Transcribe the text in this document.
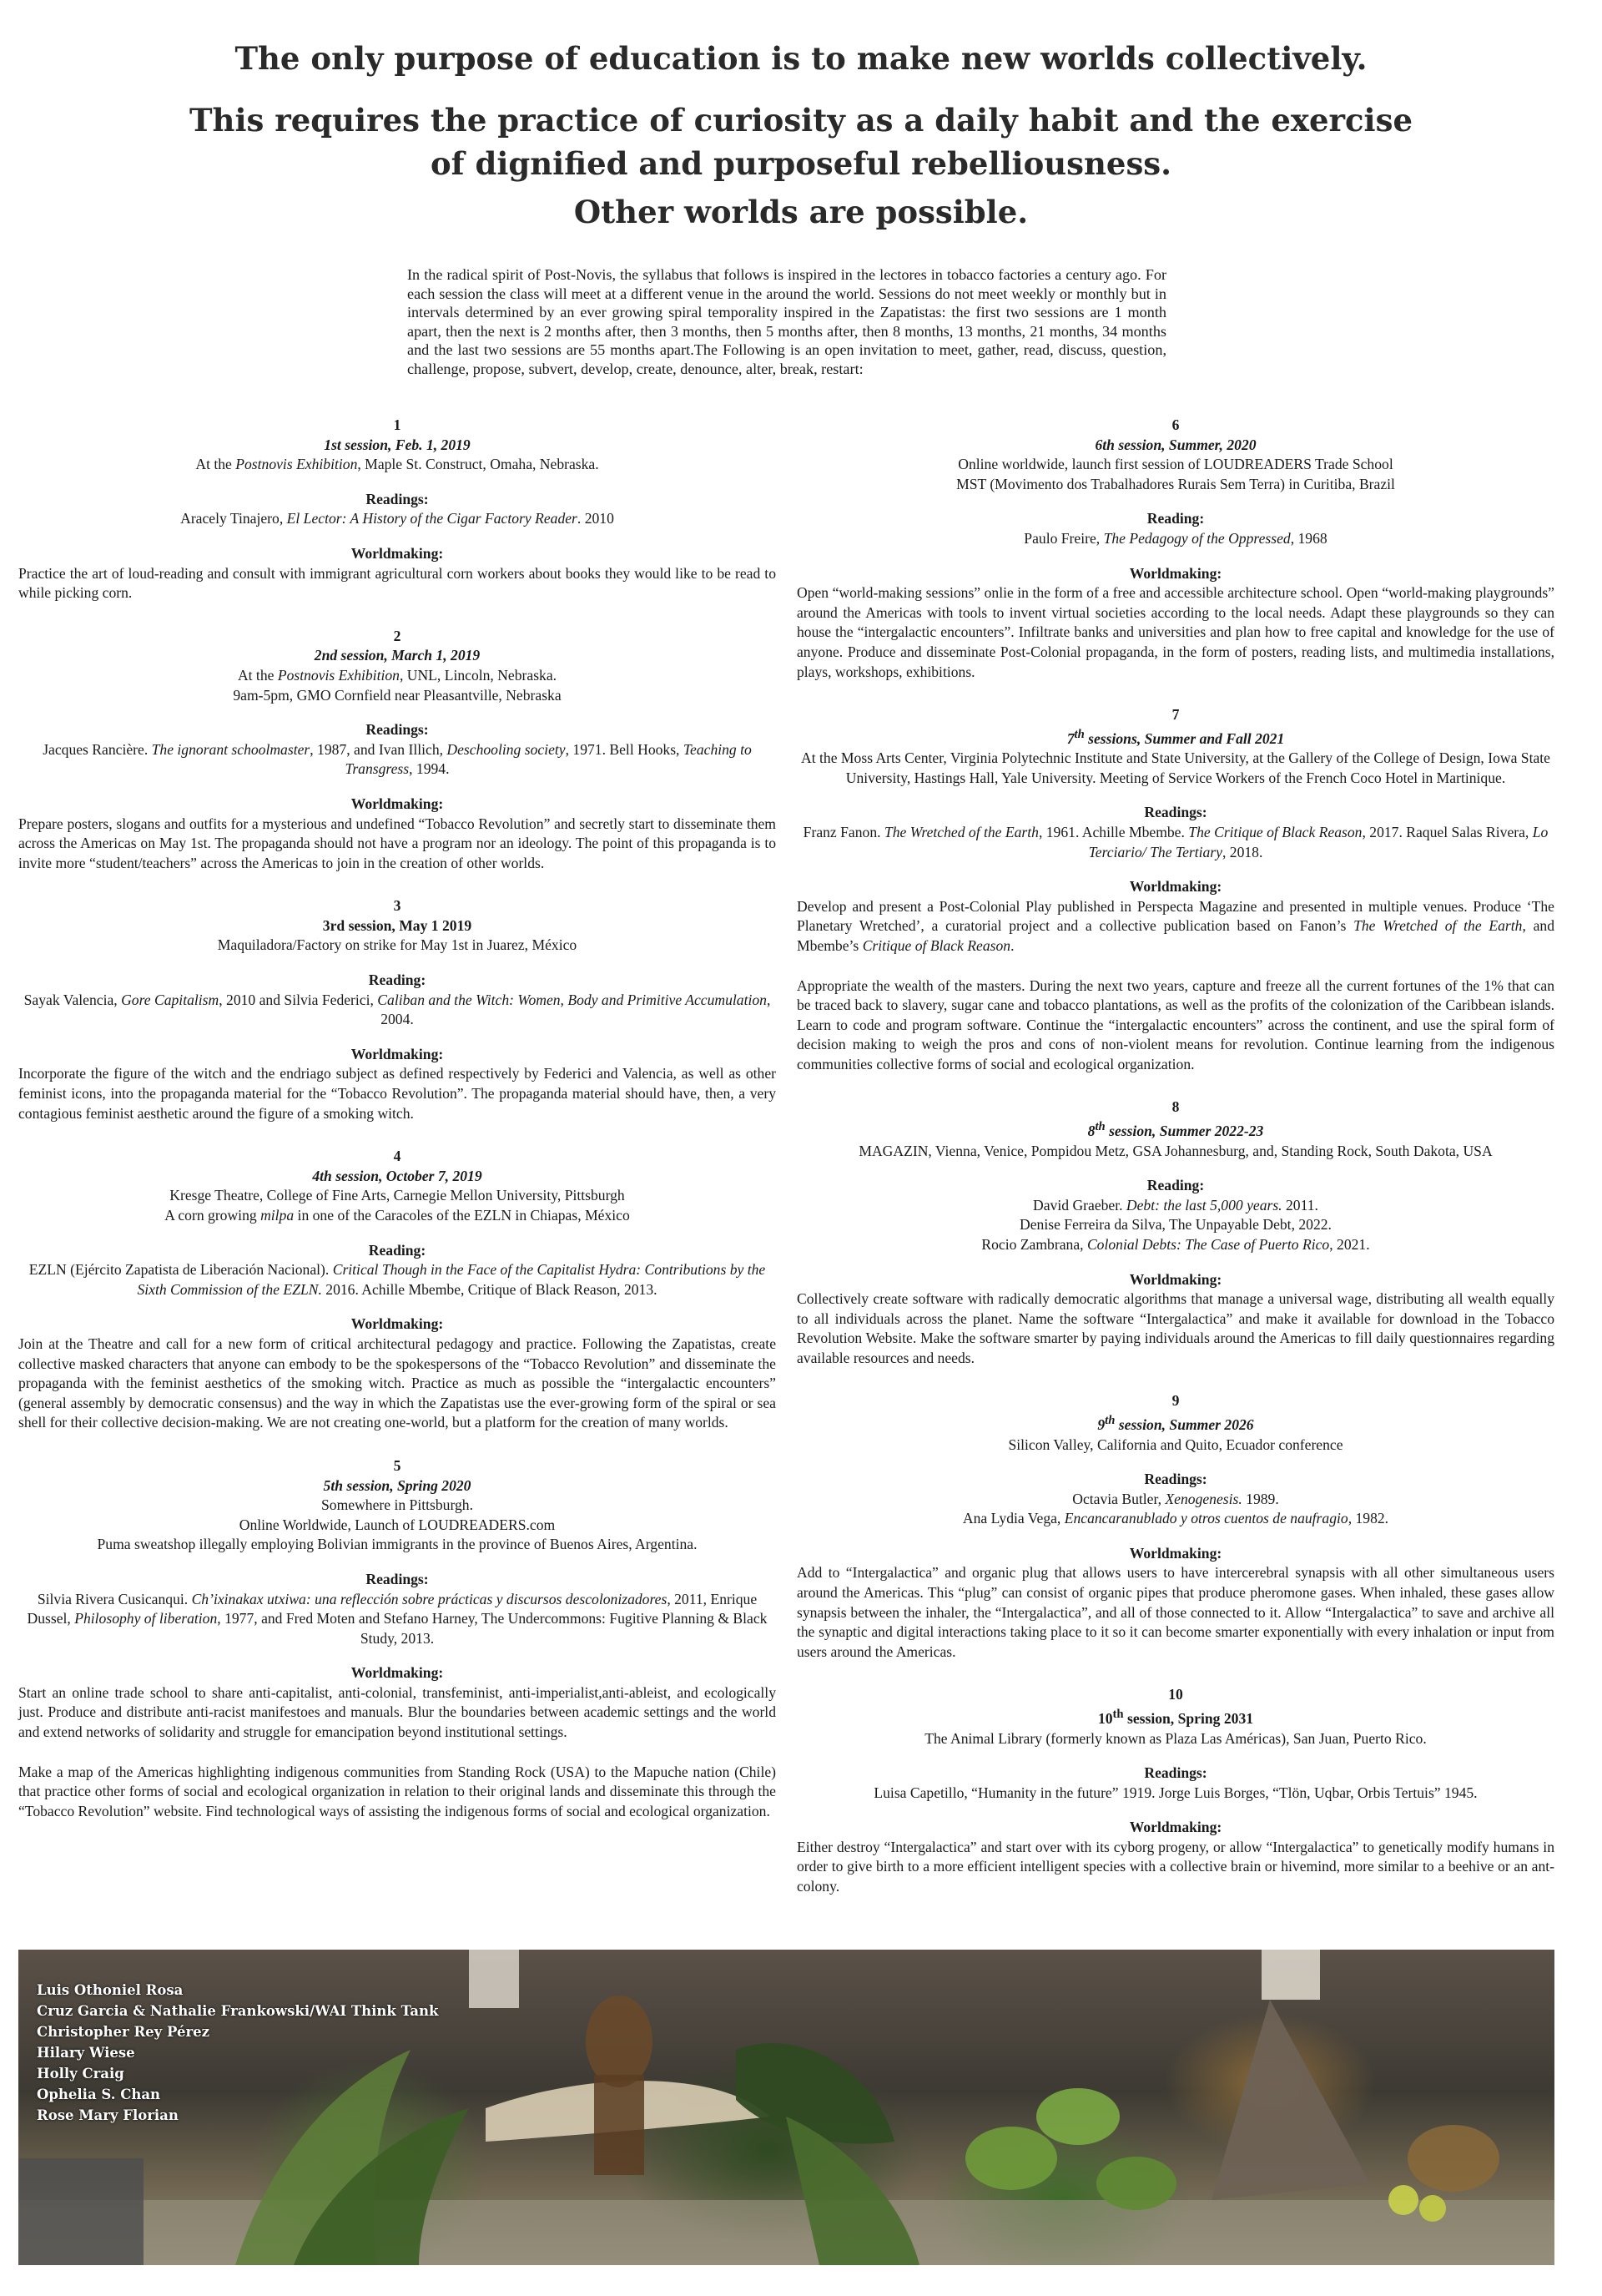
The only purpose of education is to make new worlds collectively.
This requires the practice of curiosity as a daily habit and the exercise
of dignified and purposeful rebelliousness.
Other worlds are possible.

In the radical spirit of Post-Novis, the syllabus that follows is inspired in the lectores in tobacco factories a century ago. For each session the class will meet at a different venue in the around the world. Sessions do not meet weekly or monthly but in intervals determined by an ever growing spiral temporality inspired in the Zapatistas: the first two sessions are 1 month apart, then the next is 2 months after, then 3 months, then 5 months after, then 8 months, 13 months, 21 months, 34 months and the last two sessions are 55 months apart.The Following is an open invitation to meet, gather, read, discuss, question, challenge, propose, subvert, develop, create, denounce, alter, break, restart:

1

1st session, Feb. 1, 2019

At the Postnovis Exhibition, Maple St. Construct, Omaha, Nebraska.

Readings:

Aracely Tinajero, El Lector: A History of the Cigar Factory Reader. 2010

Worldmaking:

Practice the art of loud-reading and consult with immigrant agricultural corn workers about books they would like to be read to while picking corn.

2

2nd session, March 1, 2019

At the Postnovis Exhibition, UNL, Lincoln, Nebraska.

9am-5pm, GMO Cornfield near Pleasantville, Nebraska

Readings:

Jacques Rancière. The ignorant schoolmaster, 1987, and Ivan Illich, Deschooling society, 1971. Bell Hooks, Teaching to Transgress, 1994.

Worldmaking:

Prepare posters, slogans and outfits for a mysterious and undefined “Tobacco Revolution” and secretly start to disseminate them across the Americas on May 1st. The propaganda should not have a program nor an ideology. The point of this propaganda is to invite more “student/teachers” across the Americas to join in the creation of other worlds.

3

3rd session, May 1 2019

Maquiladora/Factory on strike for May 1st in Juarez, México

Reading:

Sayak Valencia, Gore Capitalism, 2010 and Silvia Federici, Caliban and the Witch: Women, Body and Primitive Accumulation, 2004.

Worldmaking:

Incorporate the figure of the witch and the endriago subject as defined respectively by Federici and Valencia, as well as other feminist icons, into the propaganda material for the “Tobacco Revolution”. The propaganda material should have, then, a very contagious feminist aesthetic around the figure of a smoking witch.

4

4th session, October 7, 2019

Kresge Theatre, College of Fine Arts, Carnegie Mellon University, Pittsburgh

A corn growing milpa in one of the Caracoles of the EZLN in Chiapas, México

Reading:

EZLN (Ejército Zapatista de Liberación Nacional). Critical Though in the Face of the Capitalist Hydra: Contributions by the Sixth Commission of the EZLN. 2016. Achille Mbembe, Critique of Black Reason, 2013.

Worldmaking:

Join at the Theatre and call for a new form of critical architectural pedagogy and practice. Following the Zapatistas, create collective masked characters that anyone can embody to be the spokespersons of the “Tobacco Revolution” and disseminate the propaganda with the feminist aesthetics of the smoking witch. Practice as much as possible the “intergalactic encounters” (general assembly by democratic consensus) and the way in which the Zapatistas use the ever-growing form of the spiral or sea shell for their collective decision-making. We are not creating one-world, but a platform for the creation of many worlds.

5

5th session, Spring 2020

Somewhere in Pittsburgh.

Online Worldwide, Launch of LOUDREADERS.com

Puma sweatshop illegally employing Bolivian immigrants in the province of Buenos Aires, Argentina.

Readings:

Silvia Rivera Cusicanqui. Ch’ixinakax utxiwa: una reflección sobre prácticas y discursos descolonizadores, 2011, Enrique Dussel, Philosophy of liberation, 1977, and Fred Moten and Stefano Harney, The Undercommons: Fugitive Planning & Black Study, 2013.

Worldmaking:

Start an online trade school to share anti-capitalist, anti-colonial, transfeminist, anti-imperialist,anti-ableist, and ecologically just. Produce and distribute anti-racist manifestoes and manuals. Blur the boundaries between academic settings and the world and extend networks of solidarity and struggle for emancipation beyond institutional settings.

Make a map of the Americas highlighting indigenous communities from Standing Rock (USA) to the Mapuche nation (Chile) that practice other forms of social and ecological organization in relation to their original lands and disseminate this through the “Tobacco Revolution” website. Find technological ways of assisting the indigenous forms of social and ecological organization.

6

6th session, Summer, 2020

Online worldwide, launch first session of LOUDREADERS Trade School

MST (Movimento dos Trabalhadores Rurais Sem Terra) in Curitiba, Brazil

Reading:

Paulo Freire, The Pedagogy of the Oppressed, 1968

Worldmaking:

Open “world-making sessions” onlie in the form of a free and accessible architecture school. Open “world-making playgrounds” around the Americas with tools to invent virtual societies according to the local needs. Adapt these playgrounds so they can house the “intergalactic encounters”. Infiltrate banks and universities and plan how to free capital and knowledge for the use of anyone. Produce and disseminate Post-Colonial propaganda, in the form of posters, reading lists, and multimedia installations, plays, workshops, exhibitions.

7

7th sessions, Summer and Fall 2021

At the Moss Arts Center, Virginia Polytechnic Institute and State University, at the Gallery of the College of Design, Iowa State University, Hastings Hall, Yale University. Meeting of Service Workers of the French Coco Hotel in Martinique.

Readings:

Franz Fanon. The Wretched of the Earth, 1961. Achille Mbembe. The Critique of Black Reason, 2017. Raquel Salas Rivera, Lo Terciario/ The Tertiary, 2018.

Worldmaking:

Develop and present a Post-Colonial Play published in Perspecta Magazine and presented in multiple venues. Produce ‘The Planetary Wretched’, a curatorial project and a collective publication based on Fanon’s The Wretched of the Earth, and Mbembe’s Critique of Black Reason.

Appropriate the wealth of the masters. During the next two years, capture and freeze all the current fortunes of the 1% that can be traced back to slavery, sugar cane and tobacco plantations, as well as the profits of the colonization of the Caribbean islands. Learn to code and program software. Continue the “intergalactic encounters” across the continent, and use the spiral form of decision making to weigh the pros and cons of non-violent means for revolution. Continue learning from the indigenous communities collective forms of social and ecological organization.

8

8th session, Summer 2022-23

MAGAZIN, Vienna, Venice, Pompidou Metz, GSA Johannesburg, and, Standing Rock, South Dakota, USA

Reading:

David Graeber. Debt: the last 5,000 years. 2011.

Denise Ferreira da Silva, The Unpayable Debt, 2022.

Rocio Zambrana, Colonial Debts: The Case of Puerto Rico, 2021.

Worldmaking:

Collectively create software with radically democratic algorithms that manage a universal wage, distributing all wealth equally to all individuals across the planet. Name the software “Intergalactica” and make it available for download in the Tobacco Revolution Website. Make the software smarter by paying individuals around the Americas to fill daily questionnaires regarding available resources and needs.

9

9th session, Summer 2026

Silicon Valley, California and Quito, Ecuador conference

Readings:

Octavia Butler, Xenogenesis. 1989.

Ana Lydia Vega, Encancaranublado y otros cuentos de naufragio, 1982.

Worldmaking:

Add to “Intergalactica” and organic plug that allows users to have intercerebral synapsis with all other simultaneous users around the Americas. This “plug” can consist of organic pipes that produce pheromone gases. When inhaled, these gases allow synapsis between the inhaler, the “Intergalactica”, and all of those connected to it. Allow “Intergalactica” to save and archive all the synaptic and digital interactions taking place to it so it can become smarter exponentially with every inhalation or input from users around the Americas.

10

10th session, Spring 2031

The Animal Library (formerly known as Plaza Las Américas), San Juan, Puerto Rico.

Readings:

Luisa Capetillo, “Humanity in the future” 1919. Jorge Luis Borges, “Tlön, Uqbar, Orbis Tertuis” 1945.

Worldmaking:

Either destroy “Intergalactica” and start over with its cyborg progeny, or allow “Intergalactica” to genetically modify humans in order to give birth to a more efficient intelligent species with a collective brain or hivemind, more similar to a beehive or an ant-colony.

Luis Othoniel Rosa
Cruz Garcia & Nathalie Frankowski/WAI Think Tank
Christopher Rey Pérez
Hilary Wiese
Holly Craig
Ophelia S. Chan
Rose Mary Florian
